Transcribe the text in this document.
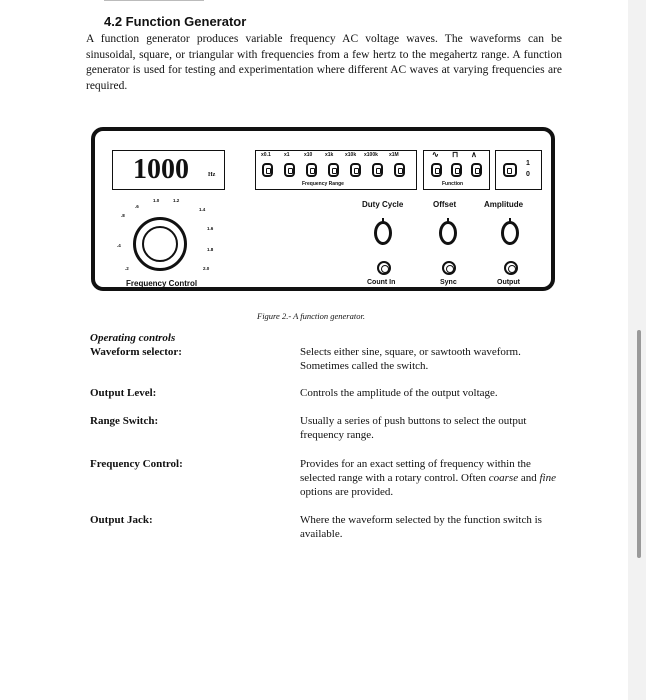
4.2 Function Generator
A function generator produces variable frequency AC voltage waves. The waveforms can be sinusoidal, square, or triangular with frequencies from a few hertz to the megahertz range. A function generator is used for testing and experimentation where different AC waves at varying frequencies are required.
1000	Hz
x0.1	x1	x10	x1k x10k x100k x1M
Frequency Range
∿ ⊓ ∧
Function
1
0
1.0	1.2
1.4
.6
.8
1.6
.4
1.8
.2	2.0
Frequency Control
Duty Cycle	Offset	Amplitude
Count In	Sync	Output
Figure 2.- A function generator.
Operating controls
Waveform selector:	Selects either sine, square, or sawtooth waveform. Sometimes called the switch.
Output Level:	Controls the amplitude of the output voltage.
Range Switch:	Usually a series of push buttons to select the output frequency range.
Frequency Control:	Provides for an exact setting of frequency within the selected range with a rotary control. Often coarse and fine options are provided.
Output Jack:	Where the waveform selected by the function switch is available.
